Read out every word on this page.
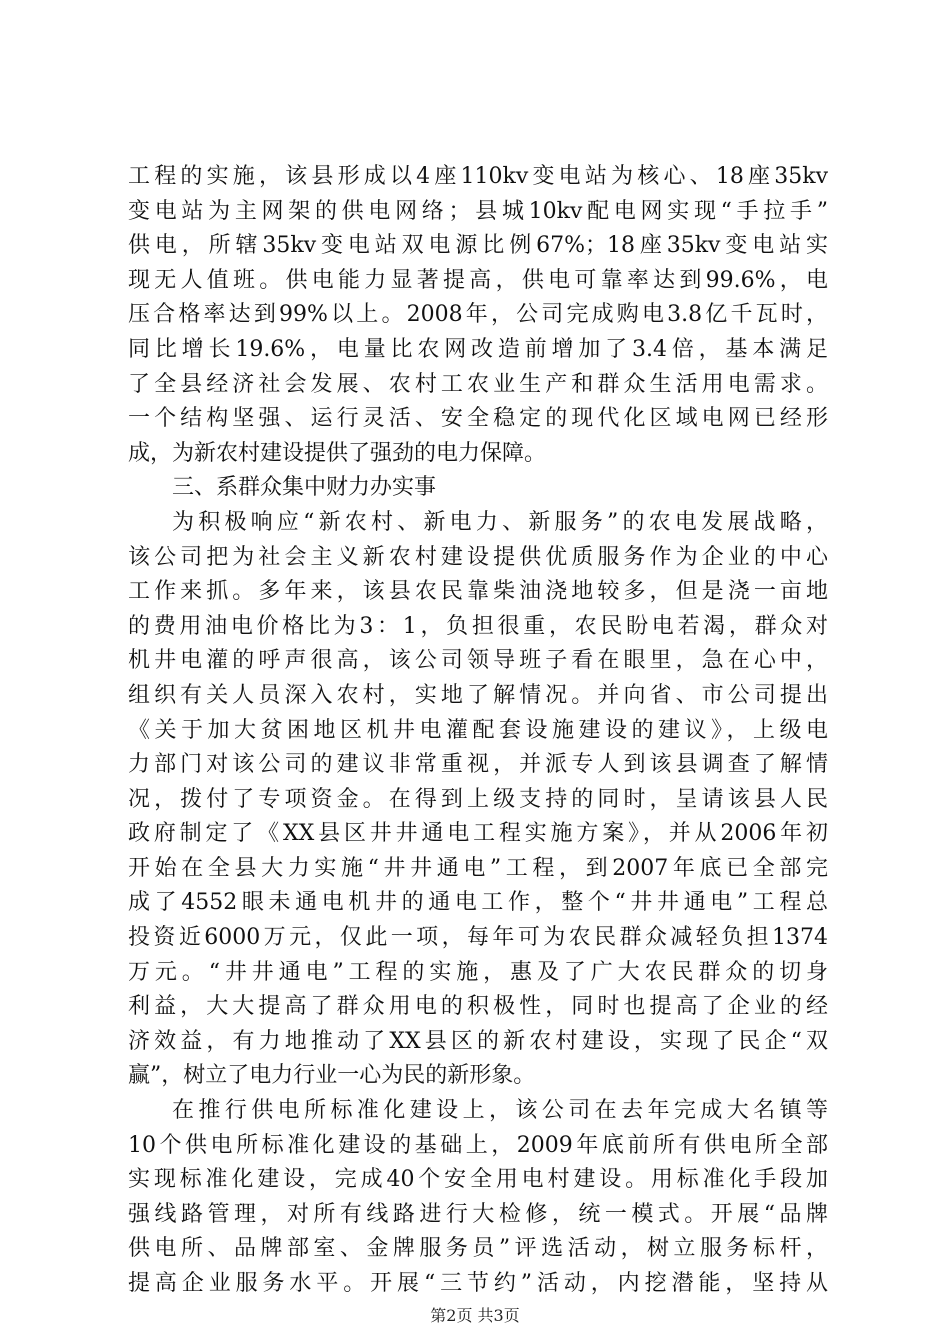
工程的实施，该县形成以4座110kv变电站为核心、18座35kv
变电站为主网架的供电网络；县城10kv配电网实现“手拉手”
供电，所辖35kv变电站双电源比例67%；18座35kv变电站实
现无人值班。供电能力显著提高，供电可靠率达到99.6%，电
压合格率达到99%以上。2008年，公司完成购电3.8亿千瓦时，
同比增长19.6%，电量比农网改造前增加了3.4倍，基本满足
了全县经济社会发展、农村工农业生产和群众生活用电需求。
一个结构坚强、运行灵活、安全稳定的现代化区域电网已经形
成，为新农村建设提供了强劲的电力保障。
三、系群众集中财力办实事
为积极响应“新农村、新电力、新服务”的农电发展战略，
该公司把为社会主义新农村建设提供优质服务作为企业的中心
工作来抓。多年来，该县农民靠柴油浇地较多，但是浇一亩地
的费用油电价格比为3：1，负担很重，农民盼电若渴，群众对
机井电灌的呼声很高，该公司领导班子看在眼里，急在心中，
组织有关人员深入农村，实地了解情况。并向省、市公司提出
《关于加大贫困地区机井电灌配套设施建设的建议》，上级电
力部门对该公司的建议非常重视，并派专人到该县调查了解情
况，拨付了专项资金。在得到上级支持的同时，呈请该县人民
政府制定了《XX县区井井通电工程实施方案》，并从2006年初
开始在全县大力实施“井井通电”工程，到2007年底已全部完
成了4552眼未通电机井的通电工作，整个“井井通电”工程总
投资近6000万元，仅此一项，每年可为农民群众减轻负担1374
万元。“井井通电”工程的实施，惠及了广大农民群众的切身
利益，大大提高了群众用电的积极性，同时也提高了企业的经
济效益，有力地推动了XX县区的新农村建设，实现了民企“双
赢”，树立了电力行业一心为民的新形象。
在推行供电所标准化建设上，该公司在去年完成大名镇等
10个供电所标准化建设的基础上，2009年底前所有供电所全部
实现标准化建设，完成40个安全用电村建设。用标准化手段加
强线路管理，对所有线路进行大检修，统一模式。开展“品牌
供电所、品牌部室、金牌服务员”评选活动，树立服务标杆，
提高企业服务水平。开展“三节约”活动，内挖潜能，坚持从
第2页 共3页
